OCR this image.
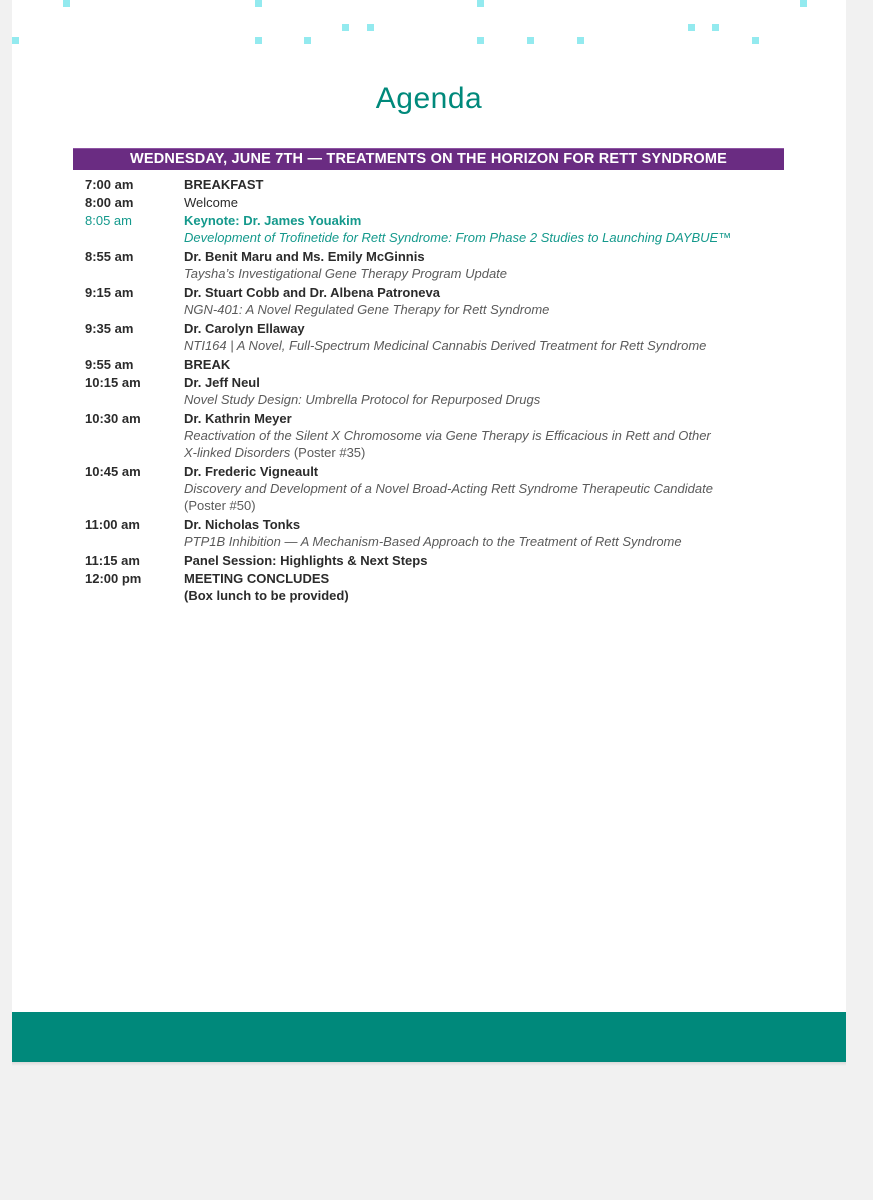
Agenda
WEDNESDAY, JUNE 7TH — TREATMENTS ON THE HORIZON FOR RETT SYNDROME
7:00 am	BREAKFAST
8:00 am	Welcome
8:05 am	Keynote: Dr. James Youakim
Development of Trofinetide for Rett Syndrome: From Phase 2 Studies to Launching DAYBUE™
8:55 am	Dr. Benit Maru and Ms. Emily McGinnis
Taysha’s Investigational Gene Therapy Program Update
9:15 am	Dr. Stuart Cobb and Dr. Albena Patroneva
NGN-401: A Novel Regulated Gene Therapy for Rett Syndrome
9:35 am	Dr. Carolyn Ellaway
NTI164 | A Novel, Full-Spectrum Medicinal Cannabis Derived Treatment for Rett Syndrome
9:55 am	BREAK
10:15 am	Dr. Jeff Neul
Novel Study Design: Umbrella Protocol for Repurposed Drugs
10:30 am	Dr. Kathrin Meyer
Reactivation of the Silent X Chromosome via Gene Therapy is Efficacious in Rett and Other
X-linked Disorders (Poster #35)
10:45 am	Dr. Frederic Vigneault
Discovery and Development of a Novel Broad-Acting Rett Syndrome Therapeutic Candidate
(Poster #50)
11:00 am	Dr. Nicholas Tonks
PTP1B Inhibition — A Mechanism-Based Approach to the Treatment of Rett Syndrome
11:15 am	Panel Session: Highlights & Next Steps
12:00 pm	MEETING CONCLUDES
(Box lunch to be provided)
